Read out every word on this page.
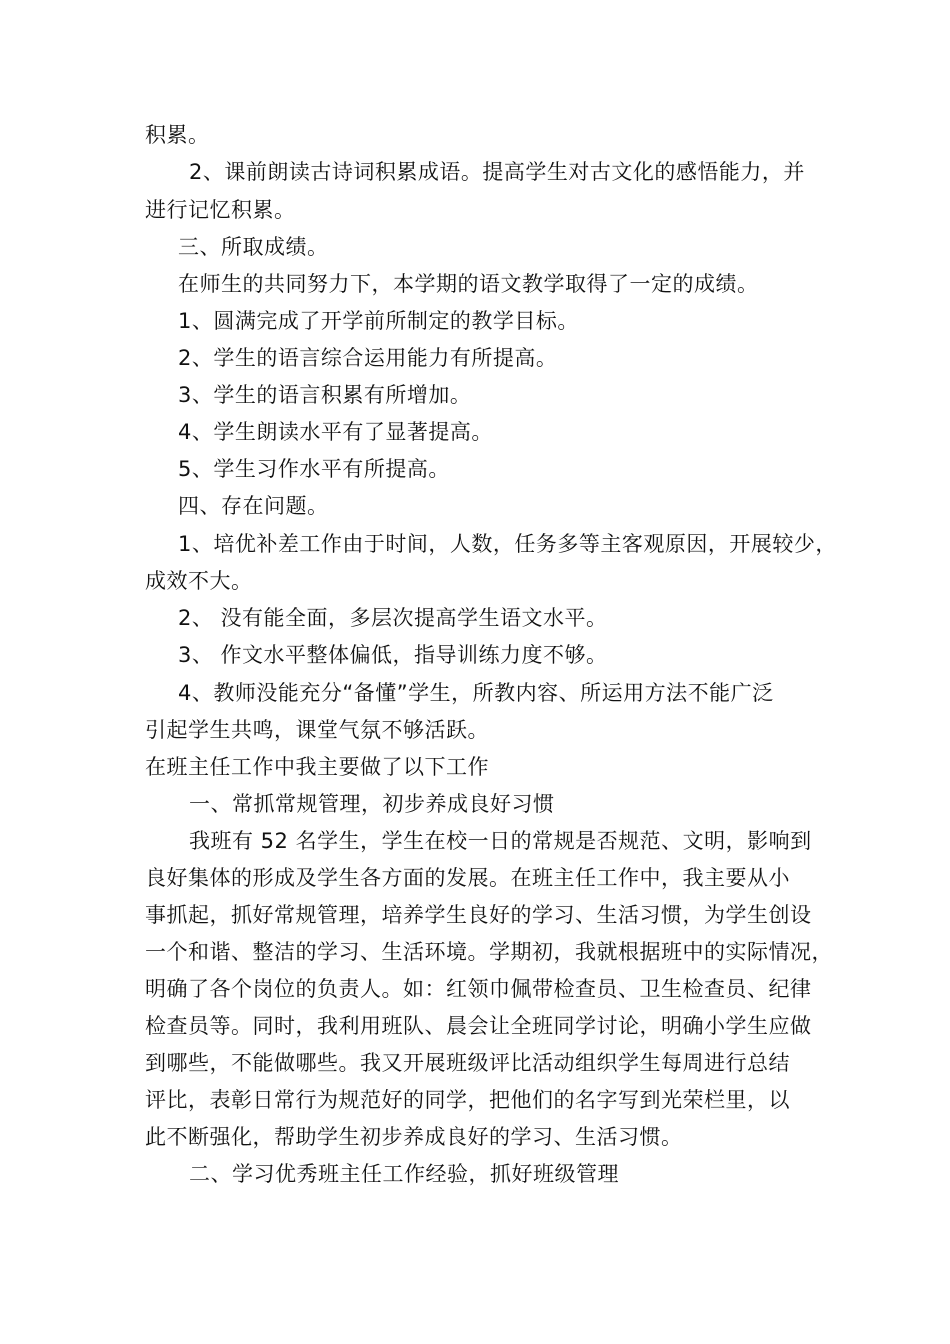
积累。
2、课前朗读古诗词积累成语。提高学生对古文化的感悟能力，并
进行记忆积累。
三、所取成绩。
在师生的共同努力下，本学期的语文教学取得了一定的成绩。
1、圆满完成了开学前所制定的教学目标。
2、学生的语言综合运用能力有所提高。
3、学生的语言积累有所增加。
4、学生朗读水平有了显著提高。
5、学生习作水平有所提高。
四、存在问题。
1、培优补差工作由于时间，人数，任务多等主客观原因，开展较少，
成效不大。
2、 没有能全面，多层次提高学生语文水平。
3、 作文水平整体偏低，指导训练力度不够。
4、教师没能充分“备懂”学生，所教内容、所运用方法不能广泛
引起学生共鸣，课堂气氛不够活跃。
在班主任工作中我主要做了以下工作
一、常抓常规管理，初步养成良好习惯
我班有 52 名学生，学生在校一日的常规是否规范、文明，影响到
良好集体的形成及学生各方面的发展。在班主任工作中，我主要从小
事抓起，抓好常规管理，培养学生良好的学习、生活习惯，为学生创设
一个和谐、整洁的学习、生活环境。学期初，我就根据班中的实际情况，
明确了各个岗位的负责人。如：红领巾佩带检查员、卫生检查员、纪律
检查员等。同时，我利用班队、晨会让全班同学讨论，明确小学生应做
到哪些，不能做哪些。我又开展班级评比活动组织学生每周进行总结
评比，表彰日常行为规范好的同学，把他们的名字写到光荣栏里，以
此不断强化，帮助学生初步养成良好的学习、生活习惯。
二、学习优秀班主任工作经验，抓好班级管理
